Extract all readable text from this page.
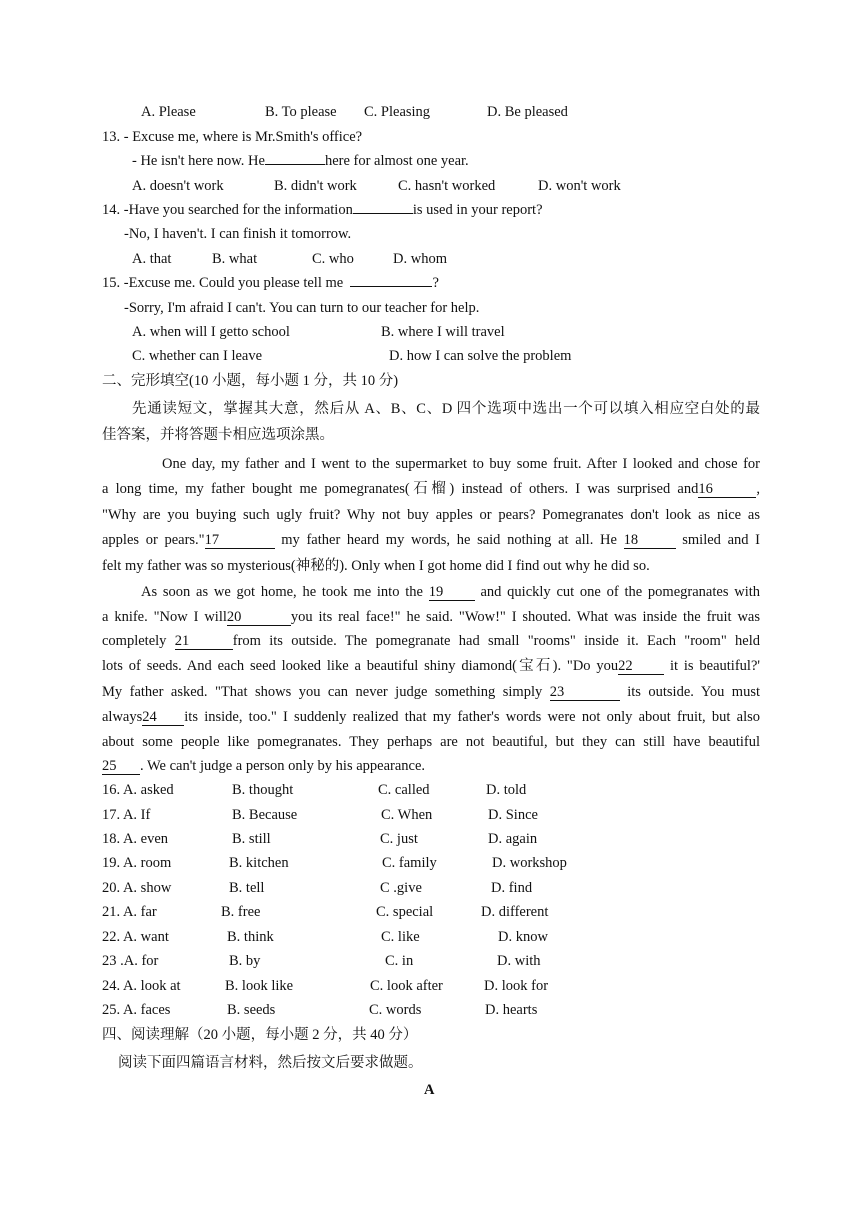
A. Please	B. To please C. Pleasing	D. Be pleased
13. - Excuse me, where is Mr.Smith's office?
- He isn't here now. He	here for almost one year.
A. doesn't work	B. didn't work	C. hasn't worked	D. won't work
14. -Have you searched for the information	is used in your report?
-No, I haven't. I can finish it tomorrow.
A. that	B. what	C. who	D. whom
15. -Excuse me. Could you please tell me	?
-Sorry, I'm afraid I can't. You can turn to our teacher for help.
A. when will I getto school	B. where I will travel
C. whether can I leave	D. how I can solve the problem
二、完形填空(10 小题，每小题 1 分，共 10 分)
先通读短文，掌握其大意，然后从 A、B、C、D 四个选项中选出一个可以填入相应空白处的最
佳答案，并将答题卡相应选项涂黑。
One day, my father and I went to the supermarket to buy some fruit. After I looked and chose for
a long time, my father bought me pomegranates(石榴) instead of others. I was surprised and16	,
"Why are you buying such ugly fruit? Why not buy apples or pears? Pomegranates don't look as nice as
apples or pears."17	my father heard my words, he said nothing at all. He 18	smiled and I
felt my father was so mysterious(神秘的). Only when I got home did I find out why he did so.
As soon as we got home, he took me into the 19	and quickly cut one of the pomegranates with
a knife. "Now I will20	you its real face!" he said. "Wow!" I shouted. What was inside the fruit was
completely 21	from its outside. The pomegranate had small "rooms" inside it. Each "room" held
lots of seeds. And each seed looked like a beautiful shiny diamond(宝石). "Do you22	it is beautiful?'
My father asked. "That shows you can never judge something simply 23	its outside. You must
always24 its inside, too." I suddenly realized that my father's words were not only about fruit, but also
about some people like pomegranates. They perhaps are not beautiful, but they can still have beautiful
25 . We can't judge a person only by his appearance.
16. A. asked	B. thought	C. called	D. told
17. A. If	B. Because	C. When	D. Since
18. A. even	B. still	C. just	D. again
19. A. room	B. kitchen	C. family	D. workshop
20. A. show	B. tell	C .give	D. find
21. A. far	B. free	C. special	D. different
22. A. want	B. think	C. like	D. know
23 .A. for	B. by	C. in	D. with
24. A. look at	B. look like	C. look after	D. look for
25. A. faces	B. seeds	C. words	D. hearts
四、阅读理解（20 小题，每小题 2 分，共 40 分）
阅读下面四篇语言材料，然后按文后要求做题。
A
